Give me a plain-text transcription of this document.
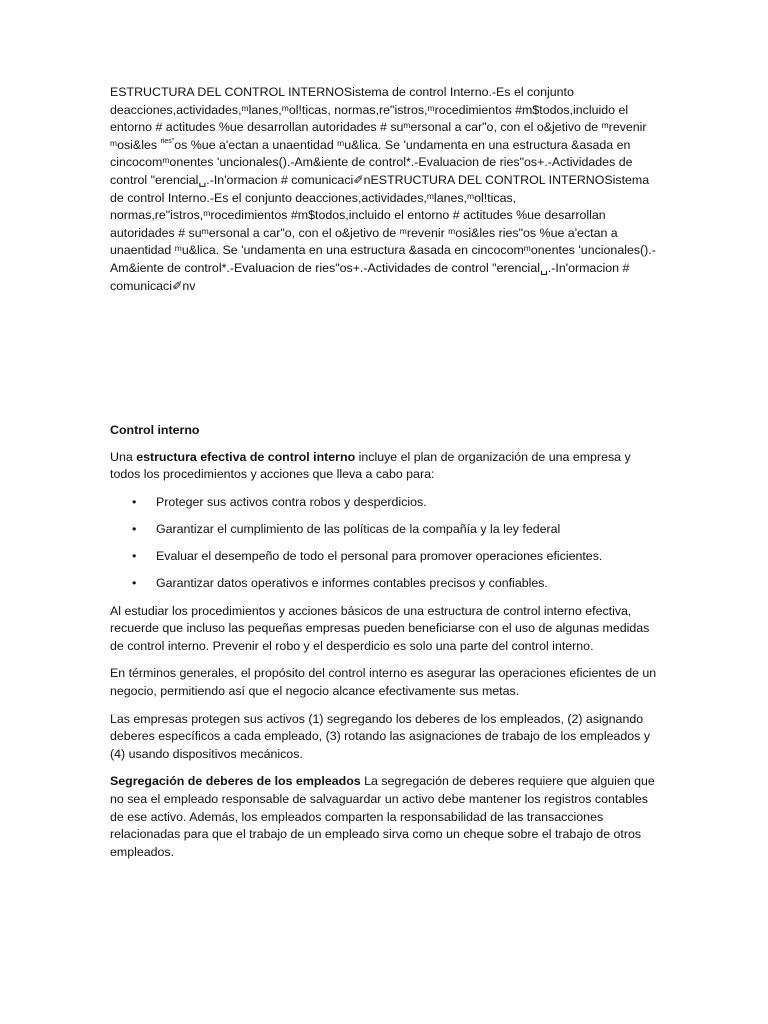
ESTRUCTURA DEL CONTROL INTERNOSistema de control Interno.-Es el conjunto deacciones,actividades,ᵐlanes,ᵐol!ticas, normas,re"istros,ᵐrocedimientos #m$todos,incluido el entorno # actitudes %ue desarrollan autoridades # suᵐersonal a car"o, con el o&jetivo de ᵐrevenir ᵐosi&les $^{ries"}$os %ue a'ectan a unaentidad ᵐu&lica. Se 'undamenta en una estructura &asada en cincocomᵐonentes 'uncionales().-Am&iente de control*.-Evaluacion de ries"os+.-Actividades de control "erencial␣.-In'ormacion # comunicaci✐nESTRUCTURA DEL CONTROL INTERNOSistema de control Interno.-Es el conjunto deacciones,actividades,ᵐlanes,ᵐol!ticas, normas,re"istros,ᵐrocedimientos #m$todos,incluido el entorno # actitudes %ue desarrollan autoridades # suᵐersonal a car"o, con el o&jetivo de ᵐrevenir ᵐosi&les ries"os %ue a'ectan a unaentidad ᵐu&lica. Se 'undamenta en una estructura &asada en cincocomᵐonentes 'uncionales().-Am&iente de control*.-Evaluacion de ries"os+.-Actividades de control "erencial␣.-In'ormacion # comunicaci✐nv

Control interno

Una estructura efectiva de control interno incluye el plan de organización de una empresa y todos los procedimientos y acciones que lleva a cabo para:

• Proteger sus activos contra robos y desperdicios.
• Garantizar el cumplimiento de las políticas de la compañía y la ley federal
• Evaluar el desempeño de todo el personal para promover operaciones eficientes.
• Garantizar datos operativos e informes contables precisos y confiables.

Al estudiar los procedimientos y acciones básicos de una estructura de control interno efectiva, recuerde que incluso las pequeñas empresas pueden beneficiarse con el uso de algunas medidas de control interno. Prevenir el robo y el desperdicio es solo una parte del control interno.

En términos generales, el propósito del control interno es asegurar las operaciones eficientes de un negocio, permitiendo así que el negocio alcance efectivamente sus metas.

Las empresas protegen sus activos (1) segregando los deberes de los empleados, (2) asignando deberes específicos a cada empleado, (3) rotando las asignaciones de trabajo de los empleados y (4) usando dispositivos mecánicos.

Segregación de deberes de los empleados La segregación de deberes requiere que alguien que no sea el empleado responsable de salvaguardar un activo debe mantener los registros contables de ese activo. Además, los empleados comparten la responsabilidad de las transacciones relacionadas para que el trabajo de un empleado sirva como un cheque sobre el trabajo de otros empleados.
